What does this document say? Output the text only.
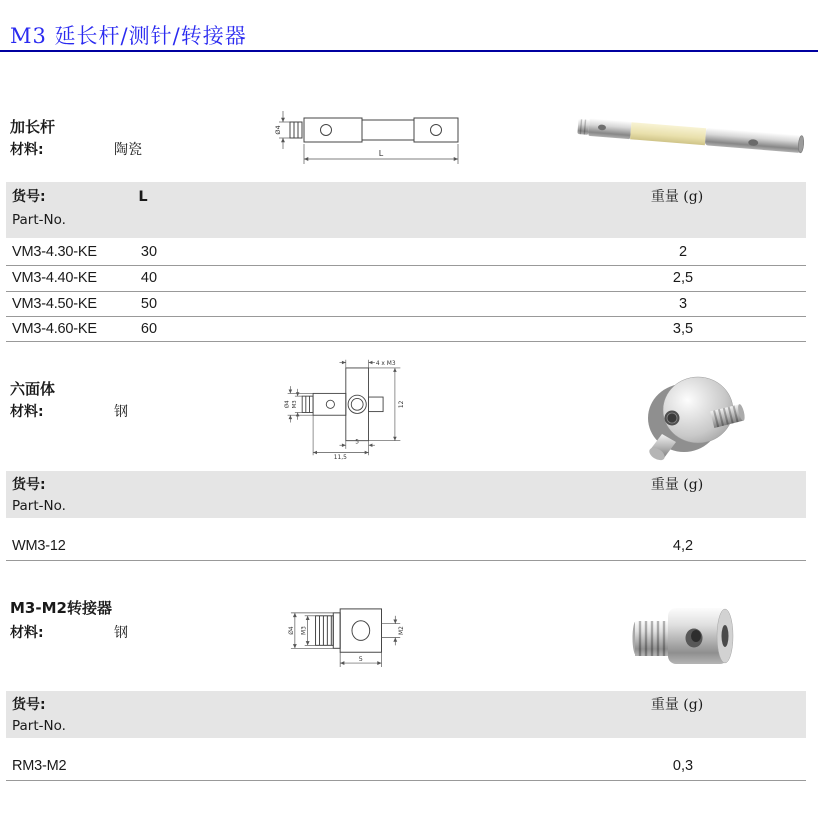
M3 延长杆/测针/转接器
加长杆
材料:	陶瓷
Ø4
L
货号:
Part-No.
L	重量 (g)
VM3-4.30-KE	30	2
VM3-4.40-KE	40	2,5
VM3-4.50-KE	50	3
VM3-4.60-KE	60	3,5
六面体
材料:	钢
4 x M3
12
Ø4 M3
5
11,5
货号:
Part-No.
重量 (g)
WM3-12	4,2
M3-M2转接器
材料:	钢	Ø4 M3	M2
5
货号:
Part-No.
重量 (g)
RM3-M2	0,3
